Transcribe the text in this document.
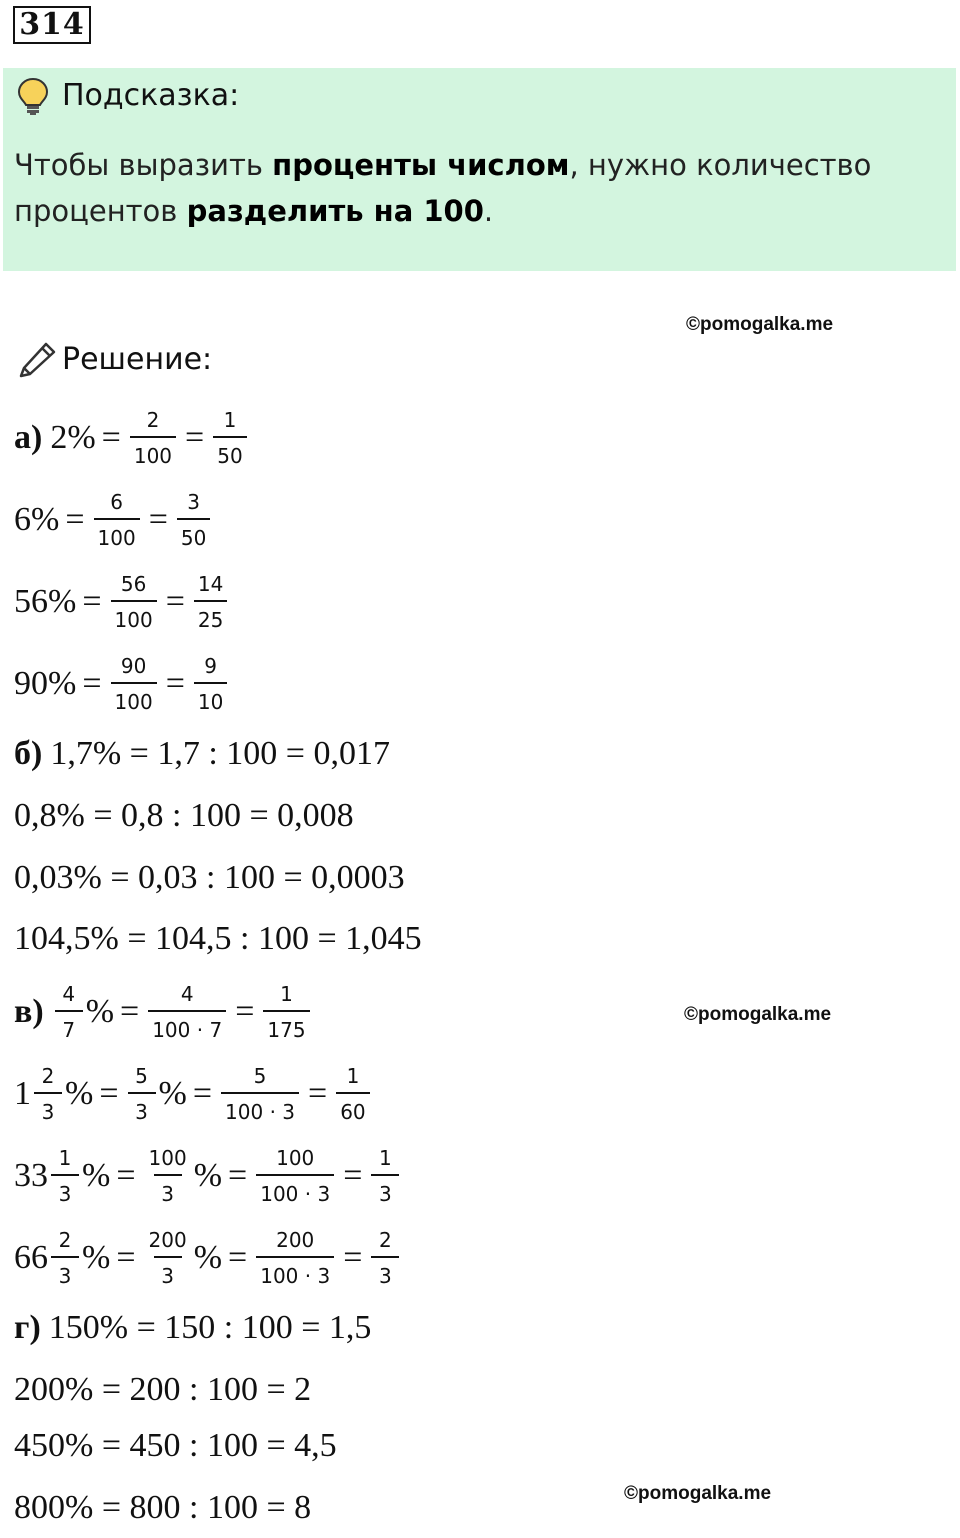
314
Подсказка:
Чтобы выразить проценты числом, нужно количество
процентов разделить на 100.
©pomogalka.me
©pomogalka.me
©pomogalka.me
Решение:
а) $2\% = \frac{2}{100} = \frac{1}{50}$
$6\% = \frac{6}{100} = \frac{3}{50}$
$56\% = \frac{56}{100} = \frac{14}{25}$
$90\% = \frac{90}{100} = \frac{9}{10}$
б) 1,7% = 1,7 : 100 = 0,017
0,8% = 0,8 : 100 = 0,008
0,03% = 0,03 : 100 = 0,0003
104,5% = 104,5 : 100 = 1,045
$в) \frac{4}{7}$ % = $\frac{4}{100 \cdot 7} = \frac{1}{175}$
$1 \frac{2}{3}$ % = $\frac{5}{3}$ % = $\frac{5}{100 \cdot 3} = \frac{1}{60}$
$33 \frac{1}{3}$ % = $\frac{100}{3}$ % = $\frac{100}{100 \cdot 3} = \frac{1}{3}$
$66 \frac{2}{3}$ % = $\frac{200}{3}$ % = $\frac{200}{100 \cdot 3} = \frac{2}{3}$
г) 150% = 150 : 100 = 1,5
200% = 200 : 100 = 2
450% = 450 : 100 = 4,5
800% = 800 : 100 = 8
